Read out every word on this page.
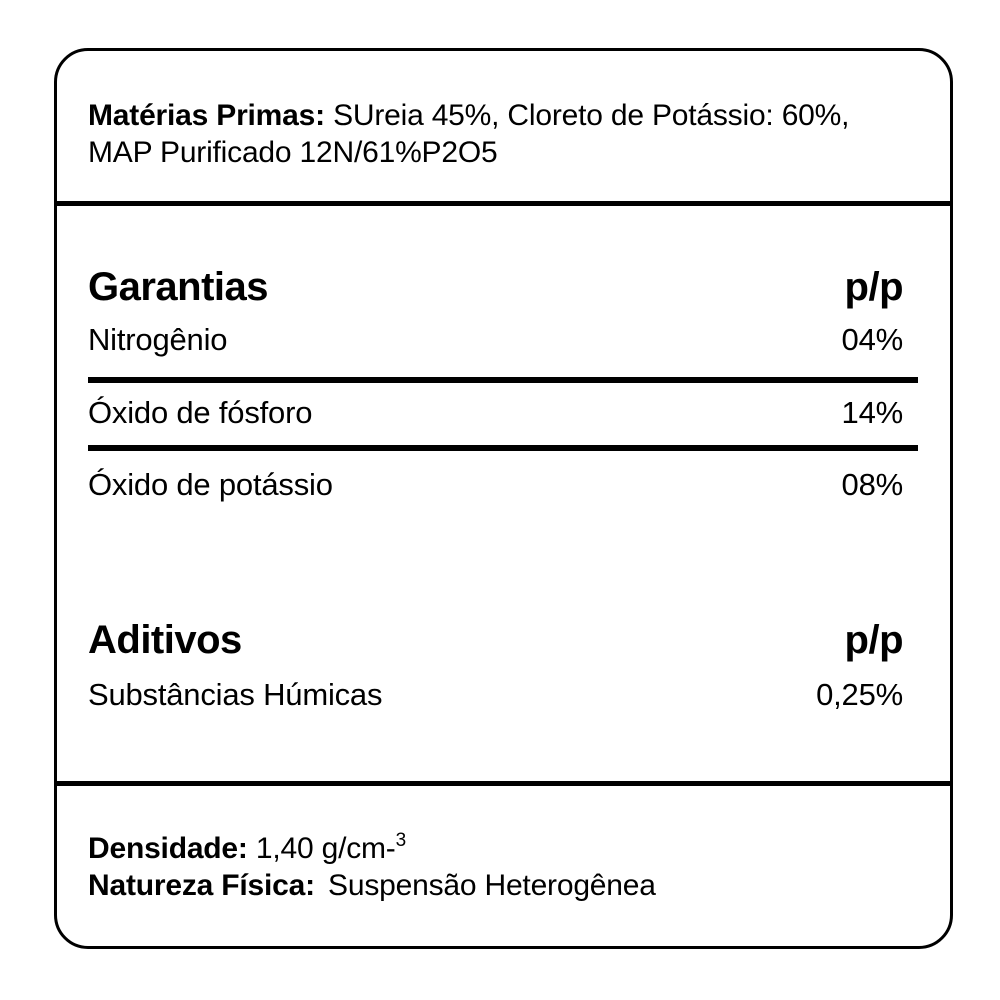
Matérias Primas: SUreia 45%, Cloreto de Potássio: 60%,
MAP Purificado 12N/61%P2O5
Garantias	p/p
Nitrogênio	04%
Óxido de fósforo	14%
Óxido de potássio	08%
Aditivos	p/p
Substâncias Húmicas	0,25%
Densidade: 1,40 g/cm-$^3$
Natureza Física: Suspensão Heterogênea
